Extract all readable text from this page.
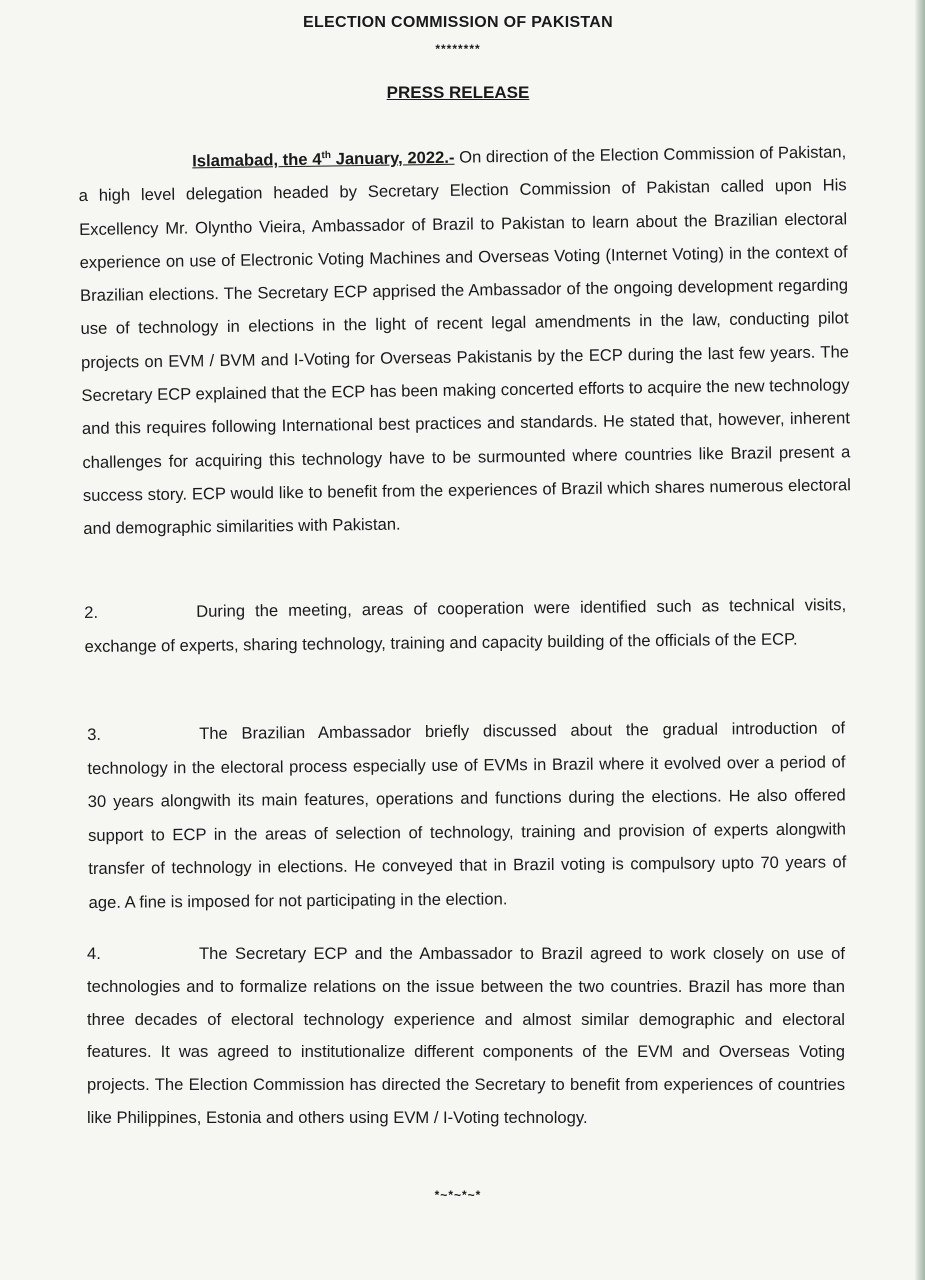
ELECTION COMMISSION OF PAKISTAN
********
PRESS RELEASE
Islamabad, the 4th January, 2022.- On direction of the Election Commission of Pakistan, a high level delegation headed by Secretary Election Commission of Pakistan called upon His Excellency Mr. Olyntho Vieira, Ambassador of Brazil to Pakistan to learn about the Brazilian electoral experience on use of Electronic Voting Machines and Overseas Voting (Internet Voting) in the context of Brazilian elections. The Secretary ECP apprised the Ambassador of the ongoing development regarding use of technology in elections in the light of recent legal amendments in the law, conducting pilot projects on EVM / BVM and I-Voting for Overseas Pakistanis by the ECP during the last few years. The Secretary ECP explained that the ECP has been making concerted efforts to acquire the new technology and this requires following International best practices and standards. He stated that, however, inherent challenges for acquiring this technology have to be surmounted where countries like Brazil present a success story. ECP would like to benefit from the experiences of Brazil which shares numerous electoral and demographic similarities with Pakistan.
2.	During the meeting, areas of cooperation were identified such as technical visits, exchange of experts, sharing technology, training and capacity building of the officials of the ECP.
3.	The Brazilian Ambassador briefly discussed about the gradual introduction of technology in the electoral process especially use of EVMs in Brazil where it evolved over a period of 30 years alongwith its main features, operations and functions during the elections. He also offered support to ECP in the areas of selection of technology, training and provision of experts alongwith transfer of technology in elections. He conveyed that in Brazil voting is compulsory upto 70 years of age. A fine is imposed for not participating in the election.
4.	The Secretary ECP and the Ambassador to Brazil agreed to work closely on use of technologies and to formalize relations on the issue between the two countries. Brazil has more than three decades of electoral technology experience and almost similar demographic and electoral features. It was agreed to institutionalize different components of the EVM and Overseas Voting projects. The Election Commission has directed the Secretary to benefit from experiences of countries like Philippines, Estonia and others using EVM / I-Voting technology.
*~*~*~*
